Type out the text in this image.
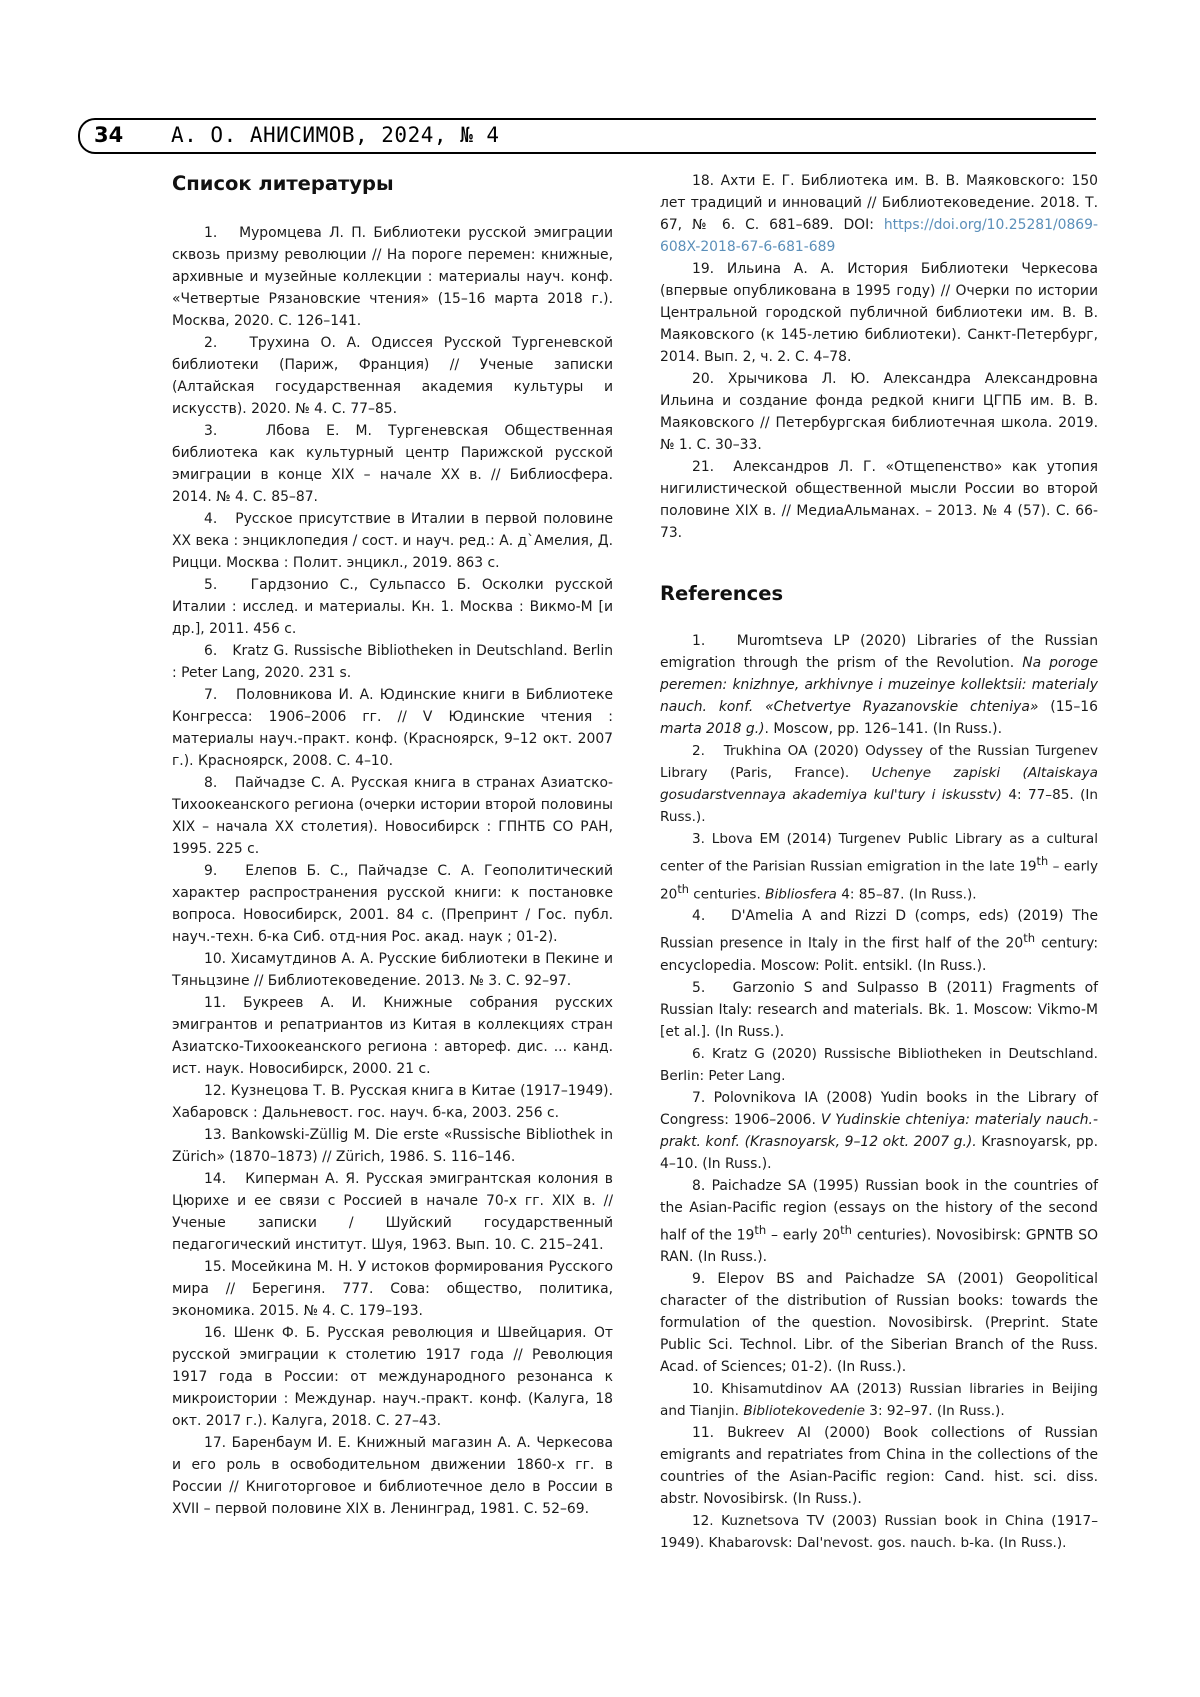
34	А. О. АНИСИМОВ, 2024, № 4
Список литературы

1.   Муромцева Л. П. Библиотеки русской эмиграции сквозь призму революции // На пороге перемен: книжные, архивные и музейные коллекции : материалы науч. конф. «Четвертые Рязановские чтения» (15–16 марта 2018 г.). Москва, 2020. С. 126–141.

2.   Трухина О. А. Одиссея Русской Тургеневской библиотеки (Париж, Франция) // Ученые записки (Алтайская государственная академия культуры и искусств). 2020. № 4. С. 77–85.

3.   Лбова Е. М. Тургеневская Общественная библиотека как культурный центр Парижской русской эмиграции в конце XIX – начале XX в. // Библиосфера. 2014. № 4. С. 85–87.

4.   Русское присутствие в Италии в первой половине XX века : энциклопедия / сост. и науч. ред.: А. д`Амелия, Д. Рицци. Москва : Полит. энцикл., 2019. 863 с.

5.   Гардзонио С., Сульпассо Б. Осколки русской Италии : исслед. и материалы. Кн. 1. Москва : Викмо-М [и др.], 2011. 456 с.

6.   Kratz G. Russische Bibliotheken in Deutschland. Berlin : Peter Lang, 2020. 231 s.

7.   Половникова И. А. Юдинские книги в Библиотеке Конгресса: 1906–2006 гг. // V Юдинские чтения : материалы науч.-практ. конф. (Красноярск, 9–12 окт. 2007 г.). Красноярск, 2008. С. 4–10.

8.   Пайчадзе С. А. Русская книга в странах Азиатско-Тихоокеанского региона (очерки истории второй половины XIX – начала XX столетия). Новосибирск : ГПНТБ СО РАН, 1995. 225 с.

9.   Елепов Б. С., Пайчадзе С. А. Геополитический характер распространения русской книги: к постановке вопроса. Новосибирск, 2001. 84 с. (Препринт / Гос. публ. науч.-техн. б-ка Сиб. отд-ния Рос. акад. наук ; 01-2).

10. Хисамутдинов А. А. Русские библиотеки в Пекине и Тяньцзине // Библиотековедение. 2013. № 3. С. 92–97.

11. Букреев А. И. Книжные собрания русских эмигрантов и репатриантов из Китая в коллекциях стран Азиатско-Тихоокеанского региона : автореф. дис. ... канд. ист. наук. Новосибирск, 2000. 21 с.

12. Кузнецова Т. В. Русская книга в Китае (1917–1949). Хабаровск : Дальневост. гос. науч. б-ка, 2003. 256 с.

13. Bankowski-Züllig M. Die erste «Russische Bibliothek in Zürich» (1870–1873) // Zürich, 1986. S. 116–146.

14.   Киперман А. Я. Русская эмигрантская колония в Цюрихе и ее связи с Россией в начале 70-х гг. XIX в. // Ученые записки / Шуйский государственный педагогический институт. Шуя, 1963. Вып. 10. С. 215–241.

15. Мосейкина М. Н. У истоков формирования Русского мира // Берегиня. 777. Сова: общество, политика, экономика. 2015. № 4. С. 179–193.

16. Шенк Ф. Б. Русская революция и Швейцария. От русской эмиграции к столетию 1917 года // Революция 1917 года в России: от международного резонанса к микроистории : Междунар. науч.-практ. конф. (Калуга, 18 окт. 2017 г.). Калуга, 2018. С. 27–43.

17. Баренбаум И. Е. Книжный магазин А. А. Черкесова и его роль в освободительном движении 1860-х гг. в России // Книготорговое и библиотечное дело в России в XVII – первой половине XIX в. Ленинград, 1981. С. 52–69.

18. Ахти Е. Г. Библиотека им. В. В. Маяковского: 150 лет традиций и инноваций // Библиотековедение. 2018. Т. 67, № 6. С. 681–689. DOI: https://doi.org/10.25281/0869-608X-2018-67-6-681-689

19. Ильина А. А. История Библиотеки Черкесова (впервые опубликована в 1995 году) // Очерки по истории Центральной городской публичной библиотеки им. В. В. Маяковского (к 145-летию библиотеки). Санкт-Петербург, 2014. Вып. 2, ч. 2. С. 4–78.

20. Хрычикова Л. Ю. Александра Александровна Ильина и создание фонда редкой книги ЦГПБ им. В. В. Маяковского // Петербургская библиотечная школа. 2019. № 1. С. 30–33.

21.  Александров Л. Г. «Отщепенство» как утопия нигилистической общественной мысли России во второй половине XIX в. // МедиаАльманах. – 2013. № 4 (57). С. 66-73.

References

1.   Muromtseva LP (2020) Libraries of the Russian emigration through the prism of the Revolution. Na poroge peremen: knizhnye, arkhivnye i muzeinye kollektsii: materialy nauch. konf. «Chetvertye Ryazanovskie chteniya» (15–16 marta 2018 g.). Moscow, pp. 126–141. (In Russ.).

2.   Trukhina OA (2020) Odyssey of the Russian Turgenev Library (Paris, France). Uchenye zapiski (Altaiskaya gosudarstvennaya akademiya kul'tury i iskusstv) 4: 77–85. (In Russ.).

3. Lbova EM (2014) Turgenev Public Library as a cultural center of the Parisian Russian emigration in the late 19th – early 20th centuries. Bibliosfera 4: 85–87. (In Russ.).

4.   D'Amelia A and Rizzi D (comps, eds) (2019) The Russian presence in Italy in the first half of the 20th century: encyclopedia. Moscow: Polit. entsikl. (In Russ.).

5.   Garzonio S and Sulpasso B (2011) Fragments of Russian Italy: research and materials. Bk. 1. Moscow: Vikmo-M [et al.]. (In Russ.).

6. Kratz G (2020) Russische Bibliotheken in Deutschland. Berlin: Peter Lang.

7. Polovnikova IA (2008) Yudin books in the Library of Congress: 1906–2006. V Yudinskie chteniya: materialy nauch.-prakt. konf. (Krasnoyarsk, 9–12 okt. 2007 g.). Krasnoyarsk, pp. 4–10. (In Russ.).

8. Paichadze SA (1995) Russian book in the countries of the Asian-Pacific region (essays on the history of the second half of the 19th – early 20th centuries). Novosibirsk: GPNTB SO RAN. (In Russ.).

9. Elepov BS and Paichadze SA (2001) Geopolitical character of the distribution of Russian books: towards the formulation of the question. Novosibirsk. (Preprint. State Public Sci. Technol. Libr. of the Siberian Branch of the Russ. Acad. of Sciences; 01-2). (In Russ.).

10. Khisamutdinov AA (2013) Russian libraries in Beijing and Tianjin. Bibliotekovedenie 3: 92–97. (In Russ.).

11. Bukreev AI (2000) Book collections of Russian emigrants and repatriates from China in the collections of the countries of the Asian-Pacific region: Cand. hist. sci. diss. abstr. Novosibirsk. (In Russ.).

12. Kuznetsova TV (2003) Russian book in China (1917–1949). Khabarovsk: Dal'nevost. gos. nauch. b-ka. (In Russ.).
